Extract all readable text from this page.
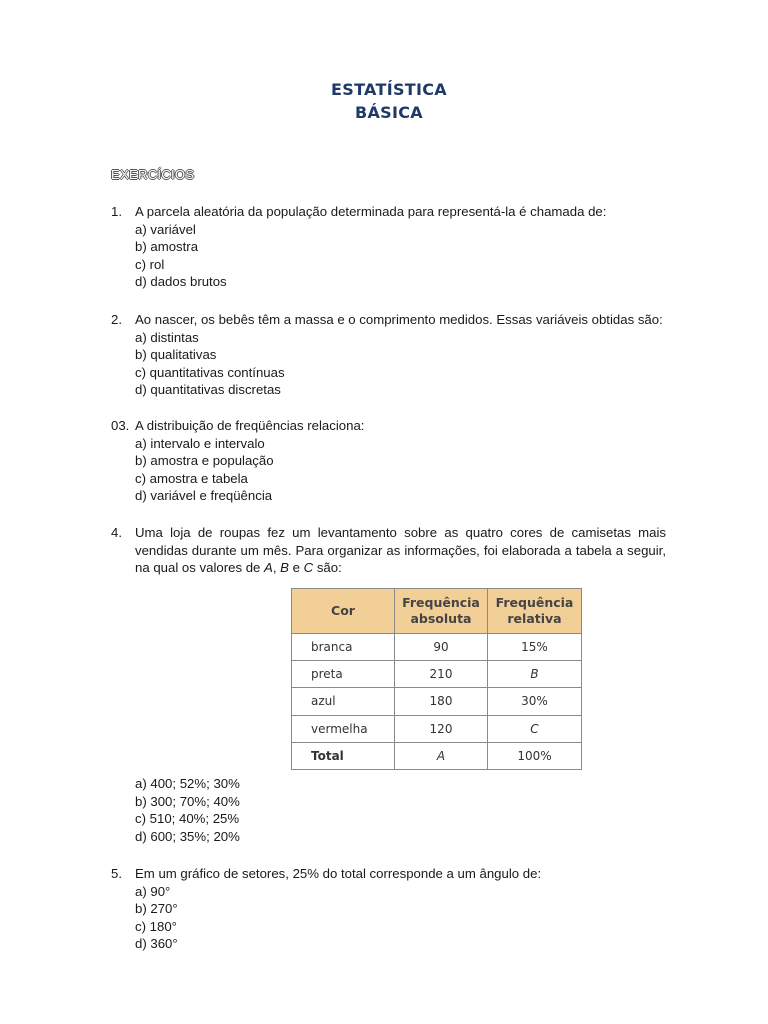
ESTATÍSTICA
BÁSICA
EXERCÍCIOS
1. A parcela aleatória da população determinada para representá-la é chamada de:
a) variável
b) amostra
c) rol
d) dados brutos
2. Ao nascer, os bebês têm a massa e o comprimento medidos. Essas variáveis obtidas são:
a) distintas
b) qualitativas
c) quantitativas contínuas
d) quantitativas discretas
03. A distribuição de freqüências relaciona:
a) intervalo e intervalo
b) amostra e população
c) amostra e tabela
d) variável e freqüência
4. Uma loja de roupas fez um levantamento sobre as quatro cores de camisetas mais vendidas durante um mês. Para organizar as informações, foi elaborada a tabela a seguir, na qual os valores de A, B e C são:
Cor	Frequência absoluta	Frequência relativa
branca	90	15%
preta	210	B
azul	180	30%
vermelha	120	C
Total	A	100%
a) 400; 52%; 30%
b) 300; 70%; 40%
c) 510; 40%; 25%
d) 600; 35%; 20%
5. Em um gráfico de setores, 25% do total corresponde a um ângulo de:
a) 90°
b) 270°
c) 180°
d) 360°
